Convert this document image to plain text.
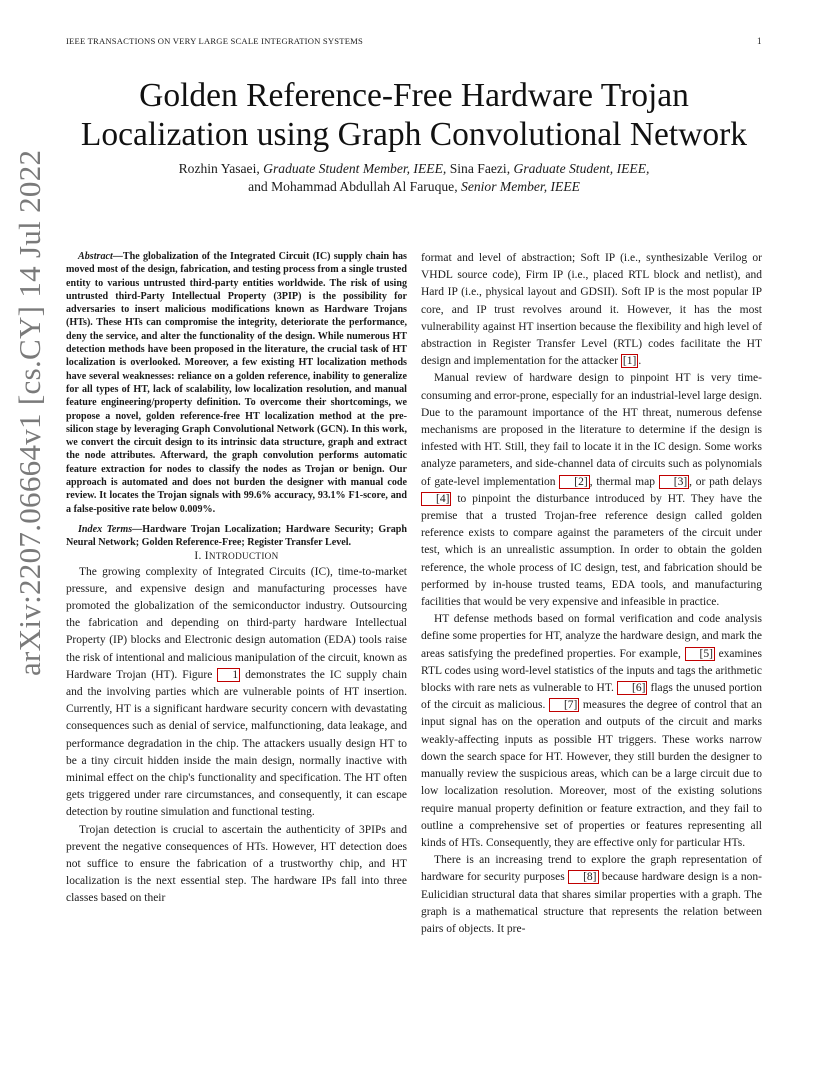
IEEE TRANSACTIONS ON VERY LARGE SCALE INTEGRATION SYSTEMS	1
arXiv:2207.06664v1 [cs.CY] 14 Jul 2022
Golden Reference-Free Hardware Trojan
Localization using Graph Convolutional Network
Rozhin Yasaei, Graduate Student Member, IEEE, Sina Faezi, Graduate Student, IEEE,
and Mohammad Abdullah Al Faruque, Senior Member, IEEE

Abstract—The globalization of the Integrated Circuit (IC) supply chain has moved most of the design, fabrication, and testing process from a single trusted entity to various untrusted third-party entities worldwide. The risk of using untrusted third-Party Intellectual Property (3PIP) is the possibility for adversaries to insert malicious modifications known as Hardware Trojans (HTs). These HTs can compromise the integrity, deteriorate the performance, deny the service, and alter the functionality of the design. While numerous HT detection methods have been proposed in the literature, the crucial task of HT localization is overlooked. Moreover, a few existing HT localization methods have several weaknesses: reliance on a golden reference, inability to generalize for all types of HT, lack of scalability, low localization resolution, and manual feature engineering/property definition. To overcome their shortcomings, we propose a novel, golden reference-free HT localization method at the pre-silicon stage by leveraging Graph Convolutional Network (GCN). In this work, we convert the circuit design to its intrinsic data structure, graph and extract the node attributes. Afterward, the graph convolution performs automatic feature extraction for nodes to classify the nodes as Trojan or benign. Our approach is automated and does not burden the designer with manual code review. It locates the Trojan signals with 99.6% accuracy, 93.1% F1-score, and a false-positive rate below 0.009%.

Index Terms—Hardware Trojan Localization; Hardware Security; Graph Neural Network; Golden Reference-Free; Register Transfer Level.

I. INTRODUCTION

The growing complexity of Integrated Circuits (IC), time-to-market pressure, and expensive design and manufacturing processes have promoted the globalization of the semiconductor industry. Outsourcing the fabrication and depending on third-party hardware Intellectual Property (IP) blocks and Electronic design automation (EDA) tools raise the risk of intentional and malicious manipulation of the circuit, known as Hardware Trojan (HT). Figure 1 demonstrates the IC supply chain and the involving parties which are vulnerable points of HT insertion. Currently, HT is a significant hardware security concern with devastating consequences such as denial of service, malfunctioning, data leakage, and performance degradation in the chip. The attackers usually design HT to be a tiny circuit hidden inside the main design, normally inactive with minimal effect on the chip's functionality and specification. The HT often gets triggered under rare circumstances, and consequently, it can escape detection by routine simulation and functional testing.

Trojan detection is crucial to ascertain the authenticity of 3PIPs and prevent the negative consequences of HTs. However, HT detection does not suffice to ensure the fabrication of a trustworthy chip, and HT localization is the next essential step. The hardware IPs fall into three classes based on their

format and level of abstraction; Soft IP (i.e., synthesizable Verilog or VHDL source code), Firm IP (i.e., placed RTL block and netlist), and Hard IP (i.e., physical layout and GDSII). Soft IP is the most popular IP core, and IP trust revolves around it. However, it has the most vulnerability against HT insertion because the flexibility and high level of abstraction in Register Transfer Level (RTL) codes facilitate the HT design and implementation for the attacker [1] .

Manual review of hardware design to pinpoint HT is very time-consuming and error-prone, especially for an industrial-level large design. Due to the paramount importance of the HT threat, numerous defense mechanisms are proposed in the literature to determine if the design is infested with HT. Still, they fail to locate it in the IC design. Some works analyze parameters, and side-channel data of circuits such as polynomials of gate-level implementation [2] , thermal map [3] , or path delays [4] to pinpoint the disturbance introduced by HT. They have the premise that a trusted Trojan-free reference design called golden reference exists to compare against the parameters of the circuit under test, which is an unrealistic assumption. In order to obtain the golden reference, the whole process of IC design, test, and fabrication should be performed by in-house trusted teams, EDA tools, and manufacturing facilities that would be very expensive and infeasible in practice.

HT defense methods based on formal verification and code analysis define some properties for HT, analyze the hardware design, and mark the areas satisfying the predefined properties. For example, [5] examines RTL codes using word-level statistics of the inputs and tags the arithmetic blocks with rare nets as vulnerable to HT. [6] flags the unused portion of the circuit as malicious. [7] measures the degree of control that an input signal has on the operation and outputs of the circuit and marks weakly-affecting inputs as possible HT triggers. These works narrow down the search space for HT. However, they still burden the designer to manually review the suspicious areas, which can be a large circuit due to low localization resolution. Moreover, most of the existing solutions require manual property definition or feature extraction, and they fail to outline a comprehensive set of properties or features representing all kinds of HTs. Consequently, they are effective only for particular HTs.

There is an increasing trend to explore the graph representation of hardware for security purposes [8] because hardware design is a non-Eulicidian structural data that shares similar properties with a graph. The graph is a mathematical structure that represents the relation between pairs of objects. It pre-
